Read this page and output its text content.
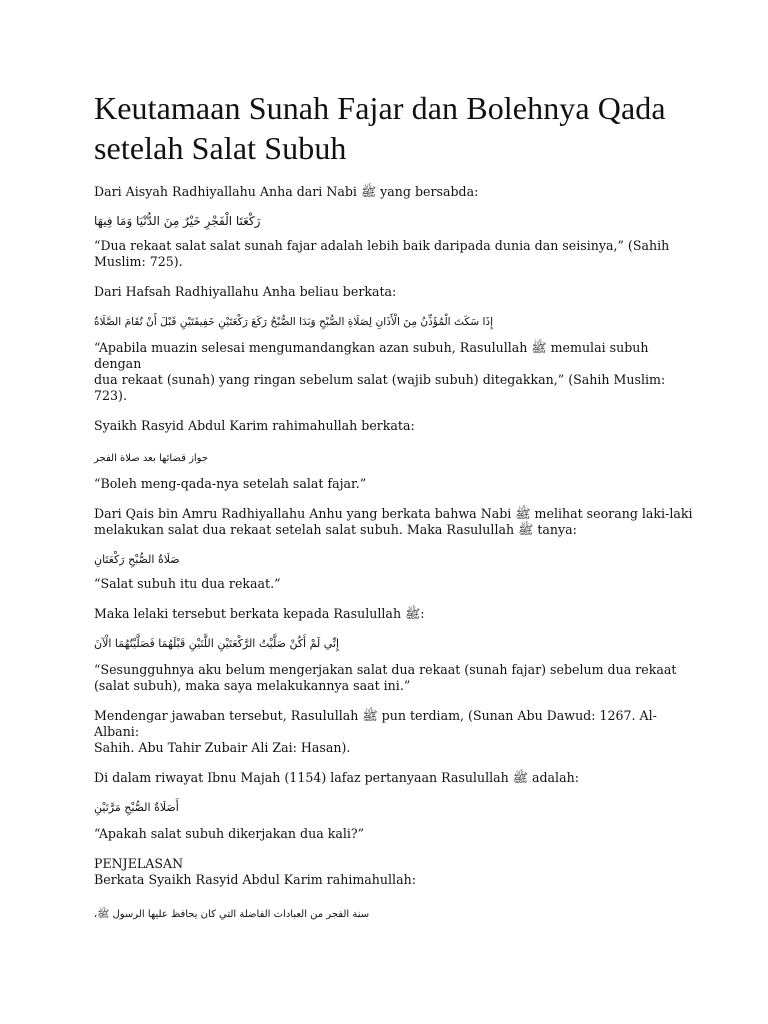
Keutamaan Sunah Fajar dan Bolehnya Qada setelah Salat Subuh

Dari Aisyah Radhiyallahu Anha dari Nabi ﷺ yang bersabda:

رَكْعَتَا الْفَجْرِ خَيْرٌ مِنَ الدُّنْيَا وَمَا فِيهَا

“Dua rekaat salat salat sunah fajar adalah lebih baik daripada dunia dan seisinya,” (Sahih
Muslim: 725).

Dari Hafsah Radhiyallahu Anha beliau berkata:

إِذَا سَكَتَ الْمُؤَذِّنُ مِنَ الْأَذَانِ لِصَلَاةِ الصُّبْحِ وَبَدَا الصُّبْحُ رَكَعَ رَكْعَتَيْنِ خَفِيفَتَيْنِ قَبْلَ أَنْ تُقَامَ الصَّلَاةُ

“Apabila muazin selesai mengumandangkan azan subuh, Rasulullah ﷺ memulai subuh dengan
dua rekaat (sunah) yang ringan sebelum salat (wajib subuh) ditegakkan,” (Sahih Muslim: 723).

Syaikh Rasyid Abdul Karim rahimahullah berkata:

جواز قضائها بعد صلاة الفجر

“Boleh meng-qada-nya setelah salat fajar.”

Dari Qais bin Amru Radhiyallahu Anhu yang berkata bahwa Nabi ﷺ melihat seorang laki-laki
melakukan salat dua rekaat setelah salat subuh. Maka Rasulullah ﷺ tanya:

صَلَاةُ الصُّبْحِ رَكْعَتَانِ

“Salat subuh itu dua rekaat.”

Maka lelaki tersebut berkata kepada Rasulullah ﷺ:

إِنِّي لَمْ أَكُنْ صَلَّيْتُ الرَّكْعَتَيْنِ اللَّتَيْنِ قَبْلَهُمَا فَصَلَّيْتُهُمَا الْآنَ

“Sesungguhnya aku belum mengerjakan salat dua rekaat (sunah fajar) sebelum dua rekaat
(salat subuh), maka saya melakukannya saat ini.”

Mendengar jawaban tersebut, Rasulullah ﷺ pun terdiam, (Sunan Abu Dawud: 1267. Al-Albani:
Sahih. Abu Tahir Zubair Ali Zai: Hasan).

Di dalam riwayat Ibnu Majah (1154) lafaz pertanyaan Rasulullah ﷺ adalah:

أَصَلَاةُ الصُّبْحِ مَرَّتَيْنِ

“Apakah salat subuh dikerjakan dua kali?”

PENJELASAN
Berkata Syaikh Rasyid Abdul Karim rahimahullah:

سنة الفجر من العبادات الفاضلة التي كان يحافظ عليها الرسول ﷺ،
